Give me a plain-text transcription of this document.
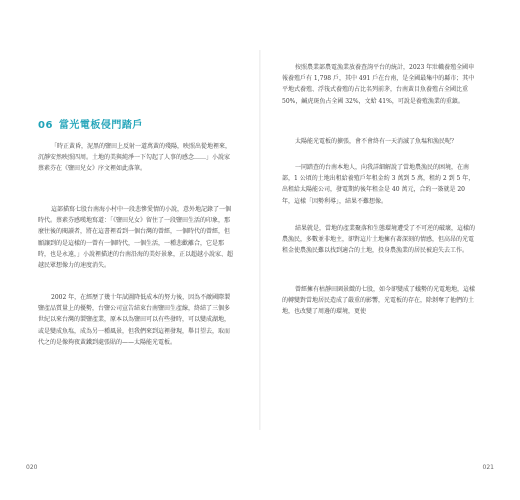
06 當光電板侵門踏戶

「時正黃昏，泥黑的鹽田上反射一道萬黃的殘陽，映照出從地裡來，沉靜安然映照四周。土地的美與純淨一下勾起了人事的感念……」小說家蔡素芬在《鹽田兒女》序文裡如此落筆。

這部描寫七股台南海小村中一段悲慘愛情的小說，意外地記錄了一個時代。蔡素芬感嘆地寫道：「《鹽田兒女》留住了一段鹽田生活的印象，那麼往後的閱讀者，將在這書裡看到一個台灣的曾經，一個時代的曾經，但願讓到的是這樣的一曾有一個時代，一個生活，一種悲歡離合，它是那時，也是永遠，」小說裡描述的台南沿海的美好景象，正以超越小說家、超越民眾想像力的速度消失。

2002 年，在經歷了幾十年試圖降低成本的努力後，因為不敵國際製鹽產品質量上的優勢，台鹽公司宣告結束台南鹽田生產線，終結了三個多世紀以來台灣的製鹽產業，原本以為鹽田可以有些發時，可以變成湖地，或是變成魚塩，成為另一種風景，但我們來到這裡發現，舉目望去，取而代之的是像夠夜黃鐵到處張貼的——太陽能光電板。

020

按照農業部農電漁業放養查詢平台的統計，2023 年壯幟養殖全國申報養殖戶有 1,798 戶，其中 491 戶在台南，是全國最集中的縣市；其中平地式養殖、浮筏式養殖的占比名列前茅，台南黃目魚養殖占全國比重 50%，鹹虎斑魚占全國 32%，文蛤 41%，可說是養殖漁業的重鎮。

太陽能光電板的擴張，會不會終有一天消滅了魚塭和漁民呢？

一同踏查的台南本地人，向我詳細解說了當地農漁民的困境，在南部，1 公頃的土地出租給養殖戶年租金約 3 萬到 5 萬，租約 2 到 5 年，出租給太陽能公司，發電期約後年租金是 40 萬元，合約一簽就是 20 年，這樣「因勢利導」，結果不難想像。

結果就是，當地的產業聚落和生態環境遭受了不可逆的破壞，這樣的農漁民，多數並非地主，卻對這片土地擁有著深刻的情感，但高昂的光電租金使農漁民難以找到適合的土地，投身農漁業的居民被迫失去工作。

曾經擁有枯靜田園景緻的七股，如今卻變成了蟻勢的光電地地，這樣的轉變對當地居民造成了嚴重的影響，光電板的存在，除剝奪了他們的土地，也改變了周邊的環境，更使

021
